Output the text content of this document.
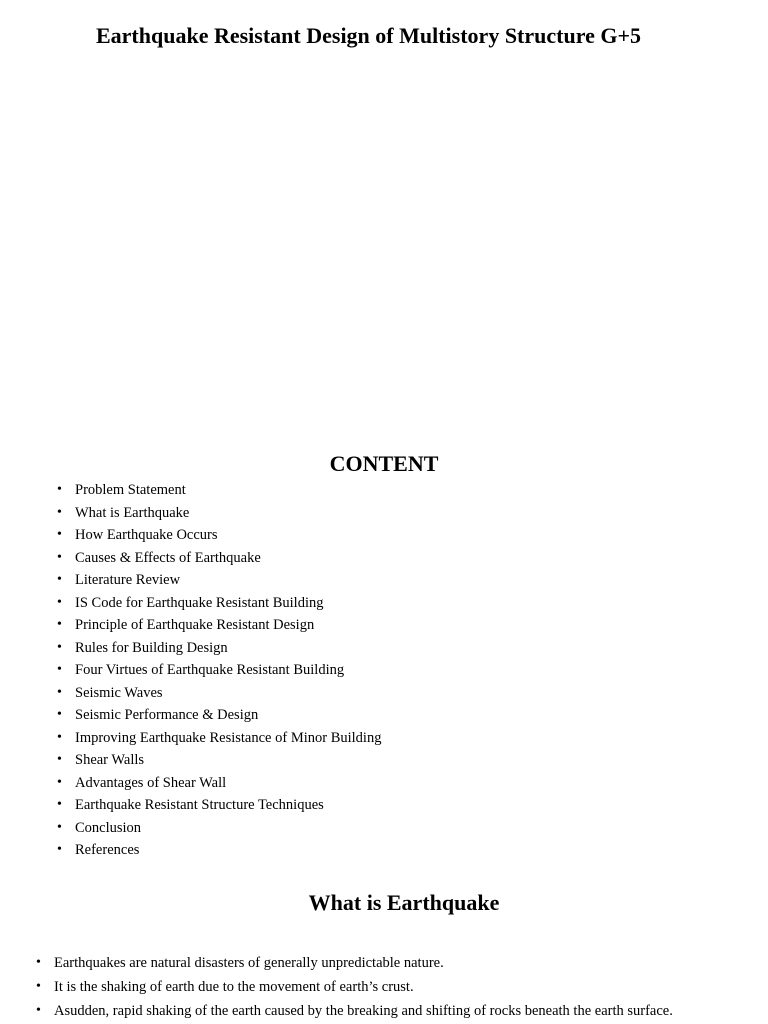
Earthquake Resistant Design of Multistory Structure G+5
CONTENT
• Problem Statement
• What is Earthquake
• How Earthquake Occurs
• Causes & Effects of Earthquake
• Literature Review
• IS Code for Earthquake Resistant Building
• Principle of Earthquake Resistant Design
• Rules for Building Design
• Four Virtues of Earthquake Resistant Building
• Seismic Waves
• Seismic Performance & Design
• Improving Earthquake Resistance of Minor Building
• Shear Walls
• Advantages of Shear Wall
• Earthquake Resistant Structure Techniques
• Conclusion
• References
What is Earthquake
• Earthquakes are natural disasters of generally unpredictable nature.
• It is the shaking of earth due to the movement of earth’s crust.
• Asudden, rapid shaking of the earth caused by the breaking and shifting of rocks beneath the earth surface.
